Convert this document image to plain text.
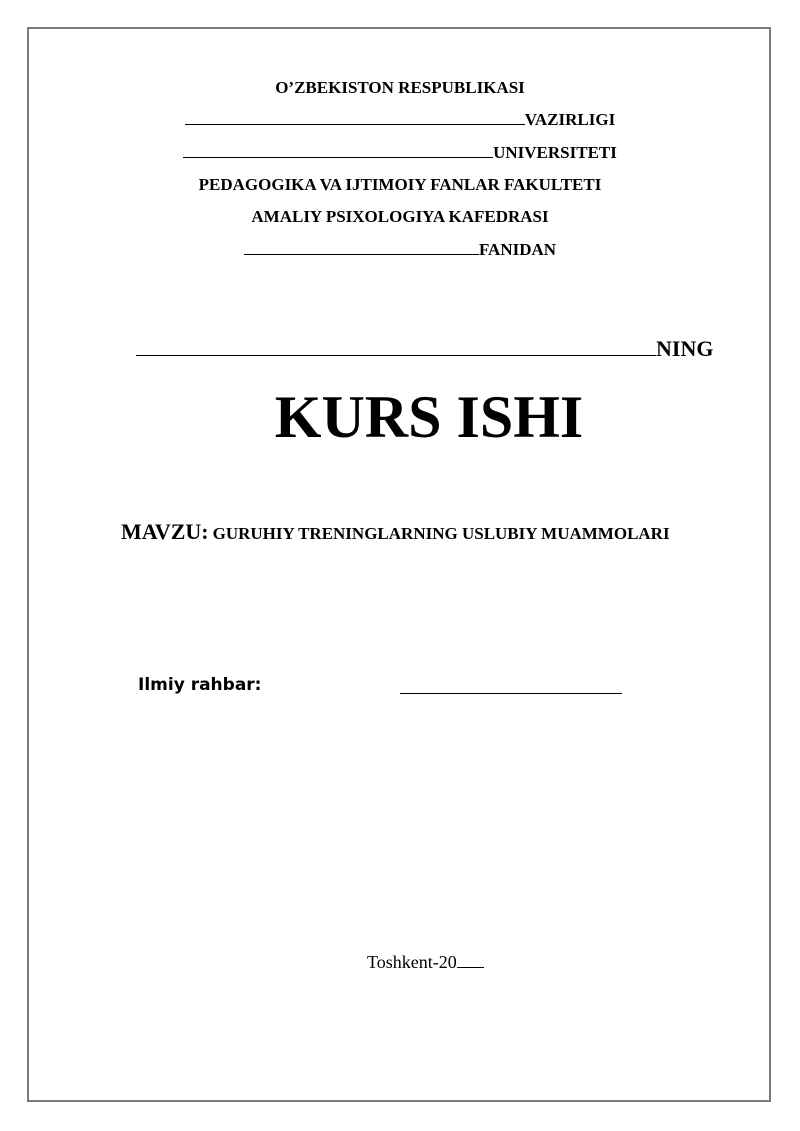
O’ZBEKISTON RESPUBLIKASI
VAZIRLIGI
UNIVERSITETI
PEDAGOGIKA VA IJTIMOIY FANLAR FAKULTETI
AMALIY PSIXOLOGIYA KAFEDRASI
FANIDAN
NING
KURS ISHI
MAVZU: GURUHIY TRENINGLARNING USLUBIY MUAMMOLARI
Ilmiy rahbar:
Toshkent-20
